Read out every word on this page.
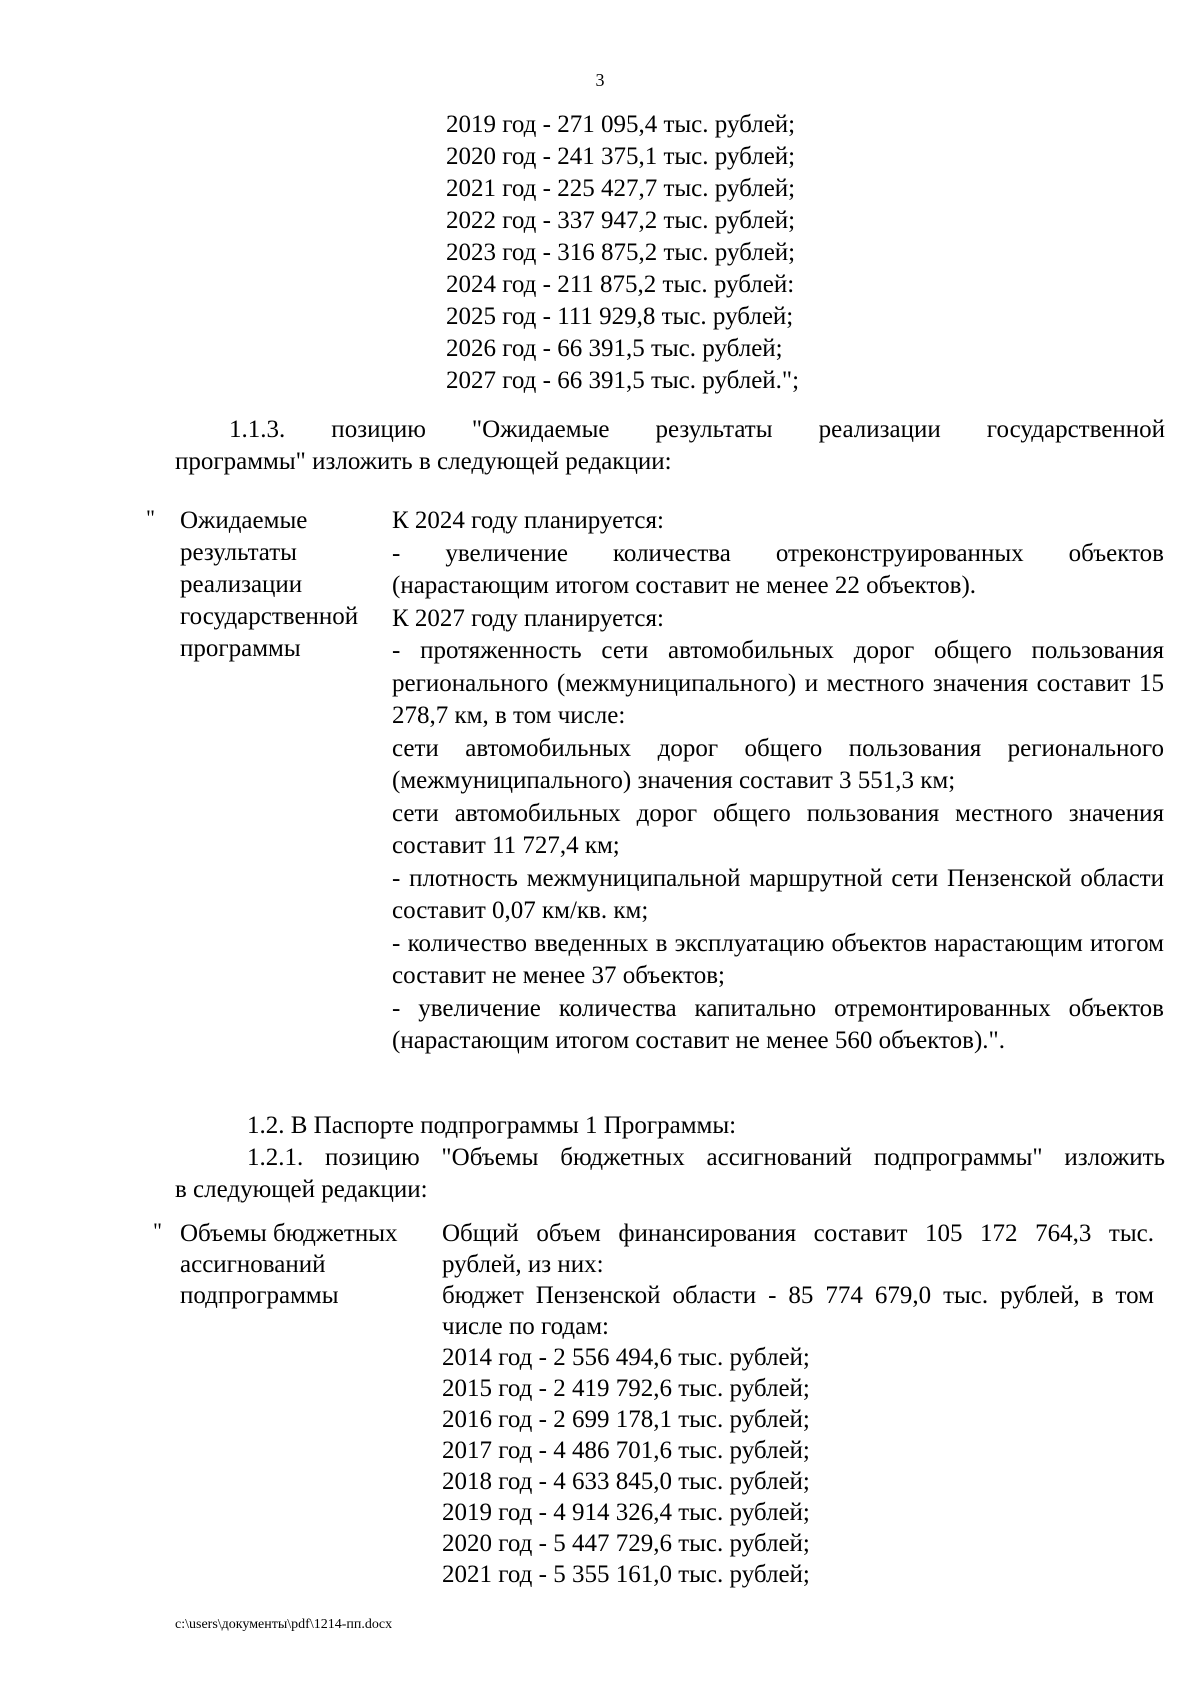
3
2019 год - 271 095,4 тыс. рублей;
2020 год - 241 375,1 тыс. рублей;
2021 год - 225 427,7 тыс. рублей;
2022 год - 337 947,2 тыс. рублей;
2023 год - 316 875,2 тыс. рублей;
2024 год - 211 875,2 тыс. рублей:
2025 год - 111 929,8 тыс. рублей;
2026 год - 66 391,5 тыс. рублей;
2027 год - 66 391,5 тыс. рублей.";

1.1.3. позицию "Ожидаемые результаты реализации государственной

программы" изложить в следующей редакции:

" Ожидаемые
результаты
реализации
государственной
программы

К 2024 году планируется:

- увеличение количества отреконструированных объектов (нарастающим итогом составит не менее 22 объектов).

К 2027 году планируется:

- протяженность сети автомобильных дорог общего пользования регионального (межмуниципального) и местного значения составит 15 278,7 км, в том числе:

сети автомобильных дорог общего пользования регионального (межмуниципального) значения составит 3 551,3 км;

сети автомобильных дорог общего пользования местного значения составит 11 727,4 км;

- плотность межмуниципальной маршрутной сети Пензенской области составит 0,07 км/кв. км;

- количество введенных в эксплуатацию объектов нарастающим итогом составит не менее 37 объектов;

- увеличение количества капитально отремонтированных объектов (нарастающим итогом составит не менее 560 объектов).".

1.2. В Паспорте подпрограммы 1 Программы:

1.2.1. позицию "Объемы бюджетных ассигнований подпрограммы" изложить

в следующей редакции:

" Объемы бюджетных
ассигнований
подпрограммы

Общий объем финансирования составит 105 172 764,3 тыс. рублей, из них:

бюджет Пензенской области - 85 774 679,0 тыс. рублей, в том числе по годам:

2014 год - 2 556 494,6 тыс. рублей;
2015 год - 2 419 792,6 тыс. рублей;
2016 год - 2 699 178,1 тыс. рублей;
2017 год - 4 486 701,6 тыс. рублей;
2018 год - 4 633 845,0 тыс. рублей;
2019 год - 4 914 326,4 тыс. рублей;
2020 год - 5 447 729,6 тыс. рублей;
2021 год - 5 355 161,0 тыс. рублей;
c:\users\документы\pdf\1214-пп.docx
